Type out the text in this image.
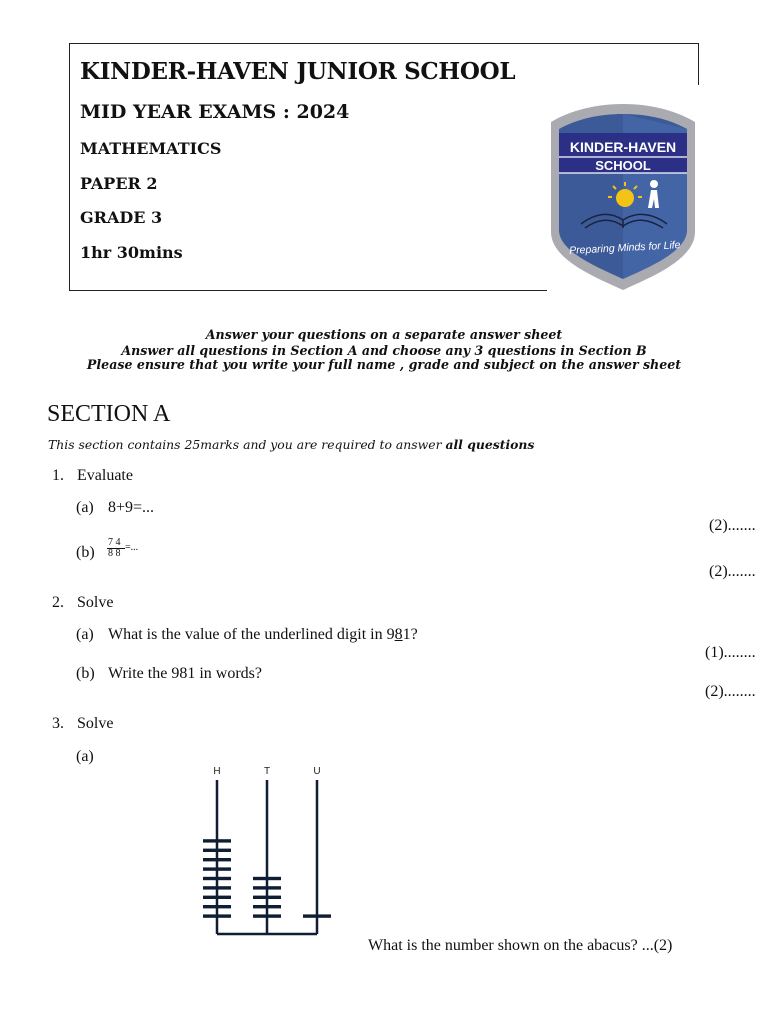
KINDER-HAVEN JUNIOR SCHOOL
MID YEAR EXAMS : 2024
MATHEMATICS
PAPER 2
GRADE 3
1hr 30mins
KINDER-HAVEN
SCHOOL
Preparing Minds for Life
Answer your questions on a separate answer sheet
Answer all questions in Section A and choose any 3 questions in Section B
Please ensure that you write your full name , grade and subject on the answer sheet
SECTION A
This section contains 25marks and you are required to answer all questions
1. Evaluate
(a) 8+9=...
(2).......
(b)
7 4
8 8
=...
(2).......
2. Solve
(a) What is the value of the underlined digit in 981?
(1)........
(b) Write the 981 in words?
(2)........
3. Solve
(a)
H	T	U
What is the number shown on the abacus? ...(2)
